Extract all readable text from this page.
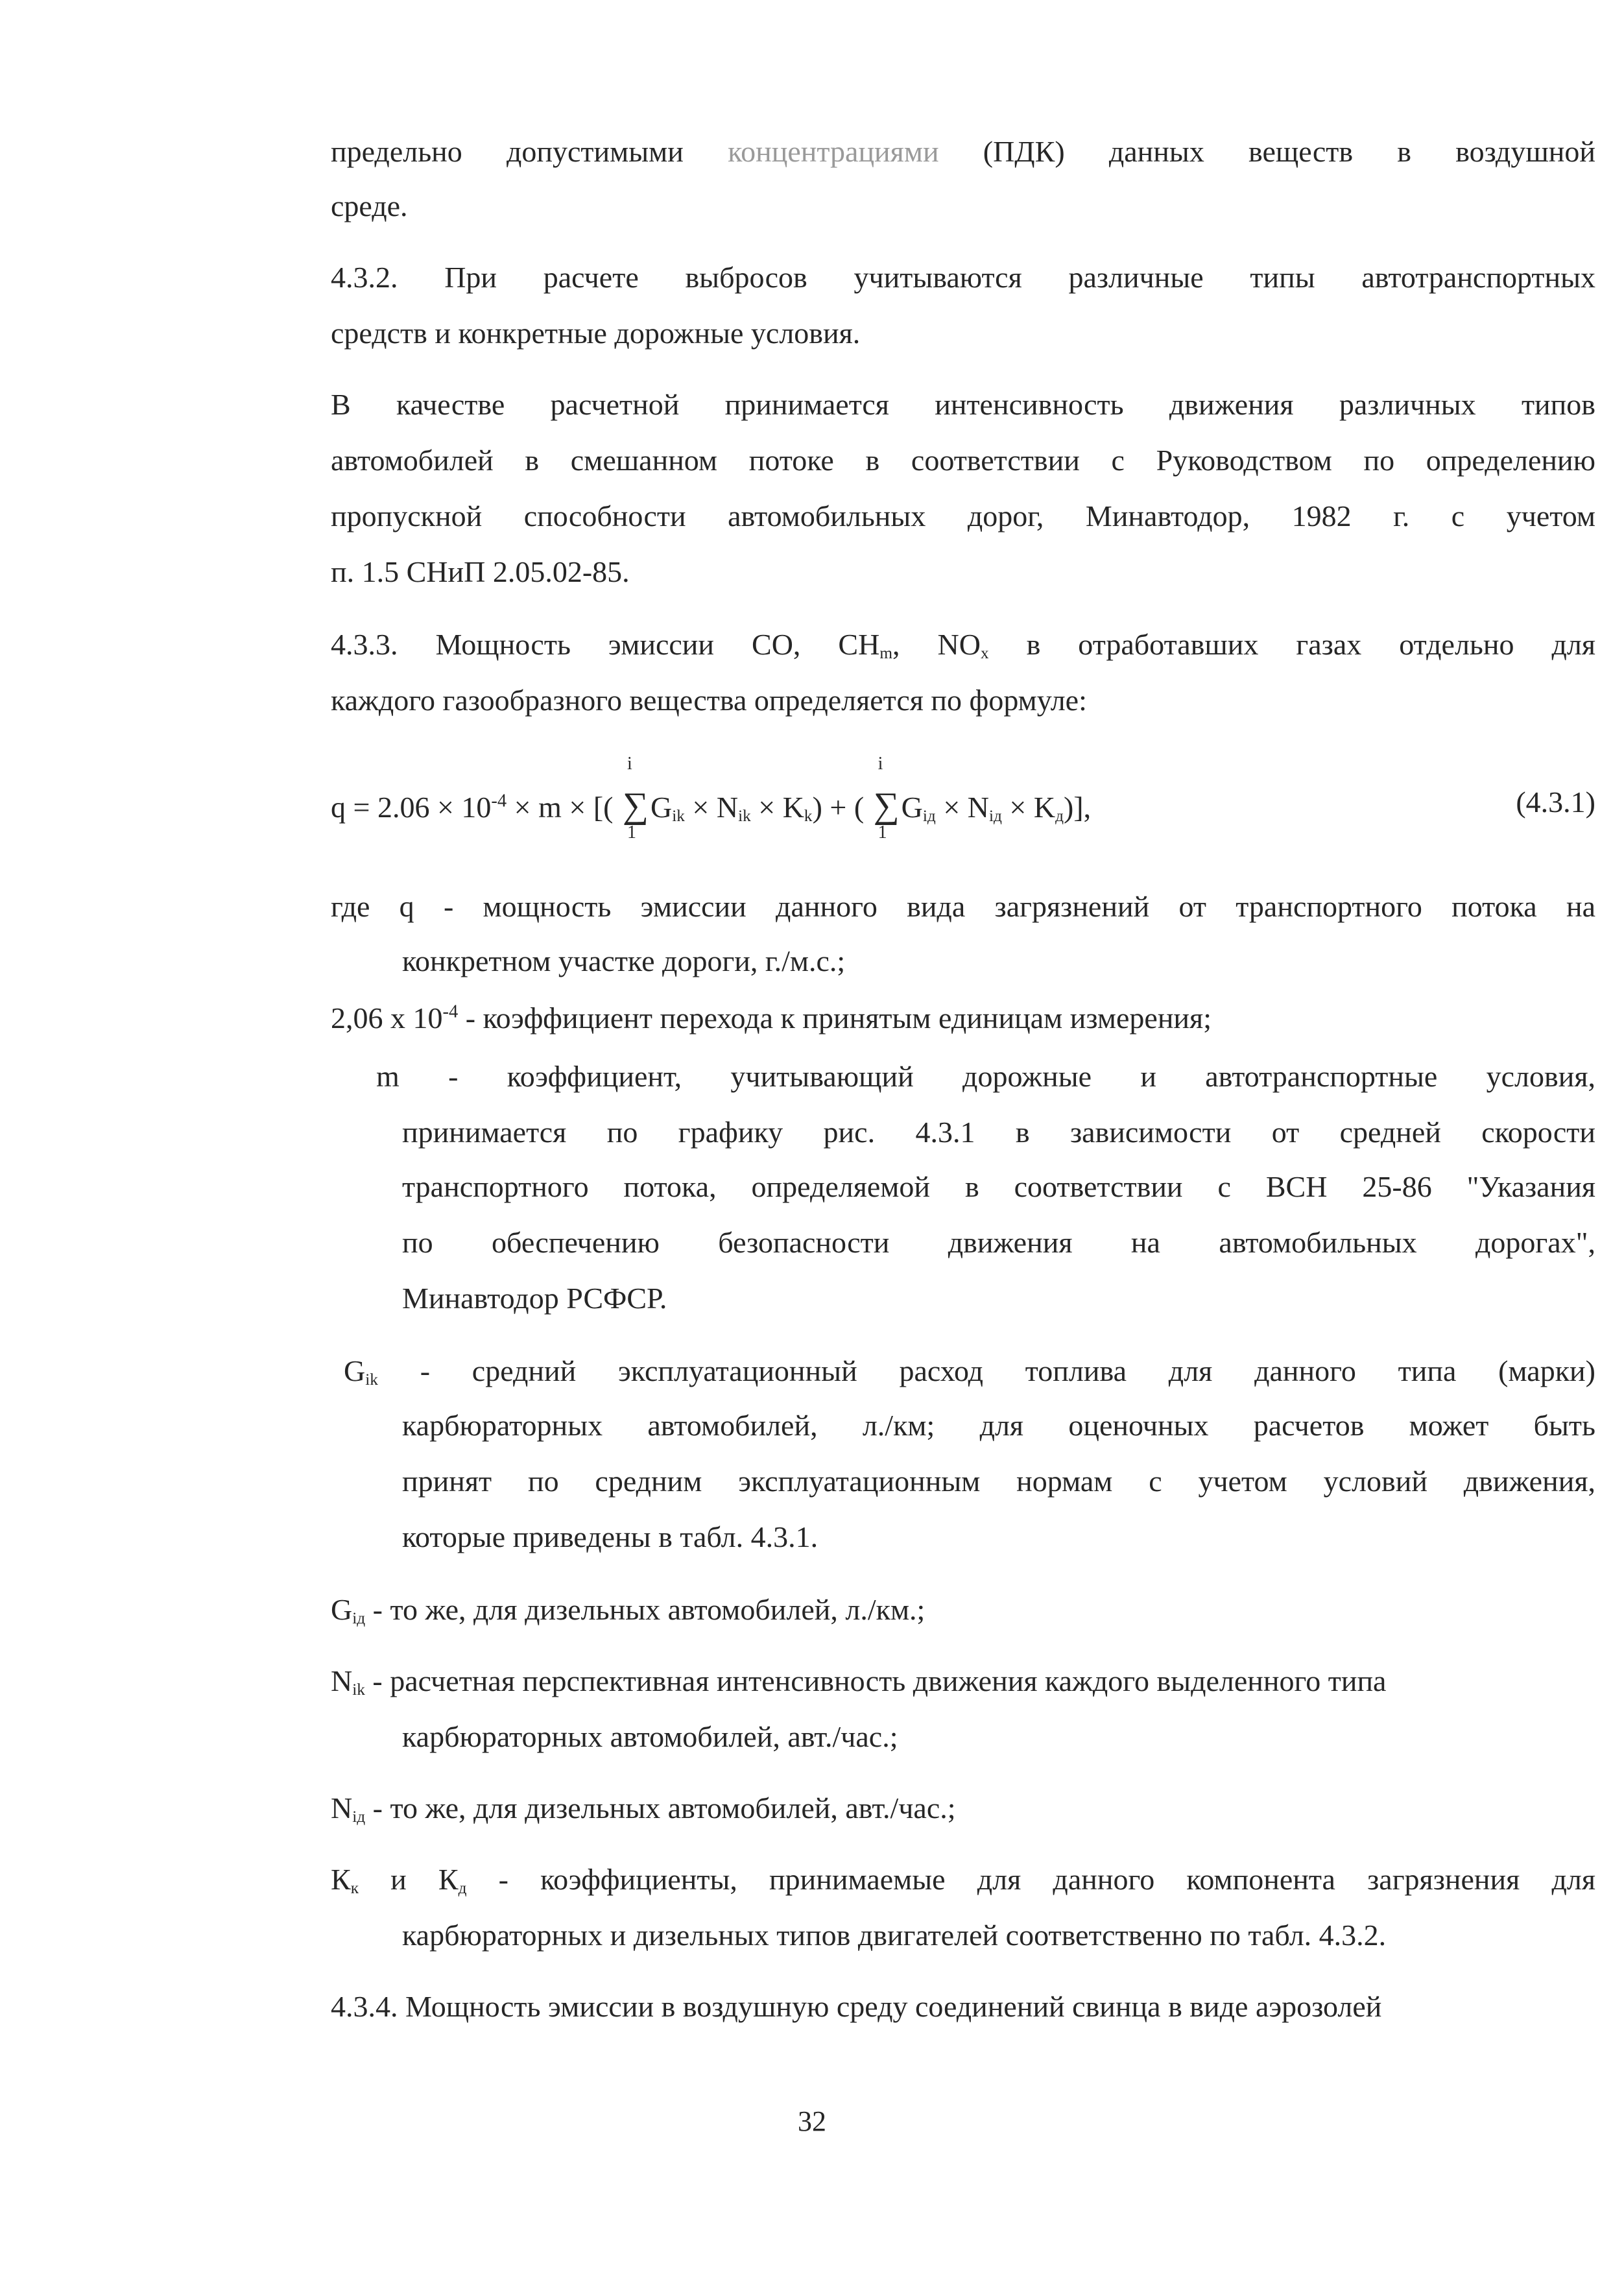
предельно допустимыми концентрациями (ПДК) данных веществ в воздушной
среде.
4.3.2. При расчете выбросов учитываются различные типы автотранспортных
средств и конкретные дорожные условия.
В качестве расчетной принимается интенсивность движения различных типов
автомобилей в смешанном потоке в соответствии с Руководством по определению
пропускной способности автомобильных дорог, Минавтодор, 1982 г. с учетом
п. 1.5 СНиП 2.05.02-85.
4.3.3. Мощность эмиссии СО, СНm, NОх в отработавших газах отдельно для
каждого газообразного вещества определяется по формуле:
$q = 2.06 \times 10^{-4} \times m$ × [(
i
∑
1
Gik × Nik × Kk) + (
i
∑
1
Giд × Niд × Kд)],	(4.3.1)
где q - мощность эмиссии данного вида загрязнений от транспортного потока на
конкретном участке дороги, г./м.с.;
2,06 х $10^{-4}$ - коэффициент перехода к принятым единицам измерения;
m - коэффициент, учитывающий дорожные и автотранспортные условия,
принимается по графику рис. 4.3.1 в зависимости от средней скорости
транспортного потока, определяемой в соответствии с ВСН 25-86 "Указания
по обеспечению безопасности движения на автомобильных дорогах",
Минавтодор РСФСР.
Gik - средний эксплуатационный расход топлива для данного типа (марки)
карбюраторных автомобилей, л./км; для оценочных расчетов может быть
принят по средним эксплуатационным нормам с учетом условий движения,
которые приведены в табл. 4.3.1.
Giд - то же, для дизельных автомобилей, л./км.;
Nik - расчетная перспективная интенсивность движения каждого выделенного типа
карбюраторных автомобилей, авт./час.;
Niд - то же, для дизельных автомобилей, авт./час.;
Кк и Кд - коэффициенты, принимаемые для данного компонента загрязнения для
карбюраторных и дизельных типов двигателей соответственно по табл. 4.3.2.
4.3.4. Мощность эмиссии в воздушную среду соединений свинца в виде аэрозолей
32
